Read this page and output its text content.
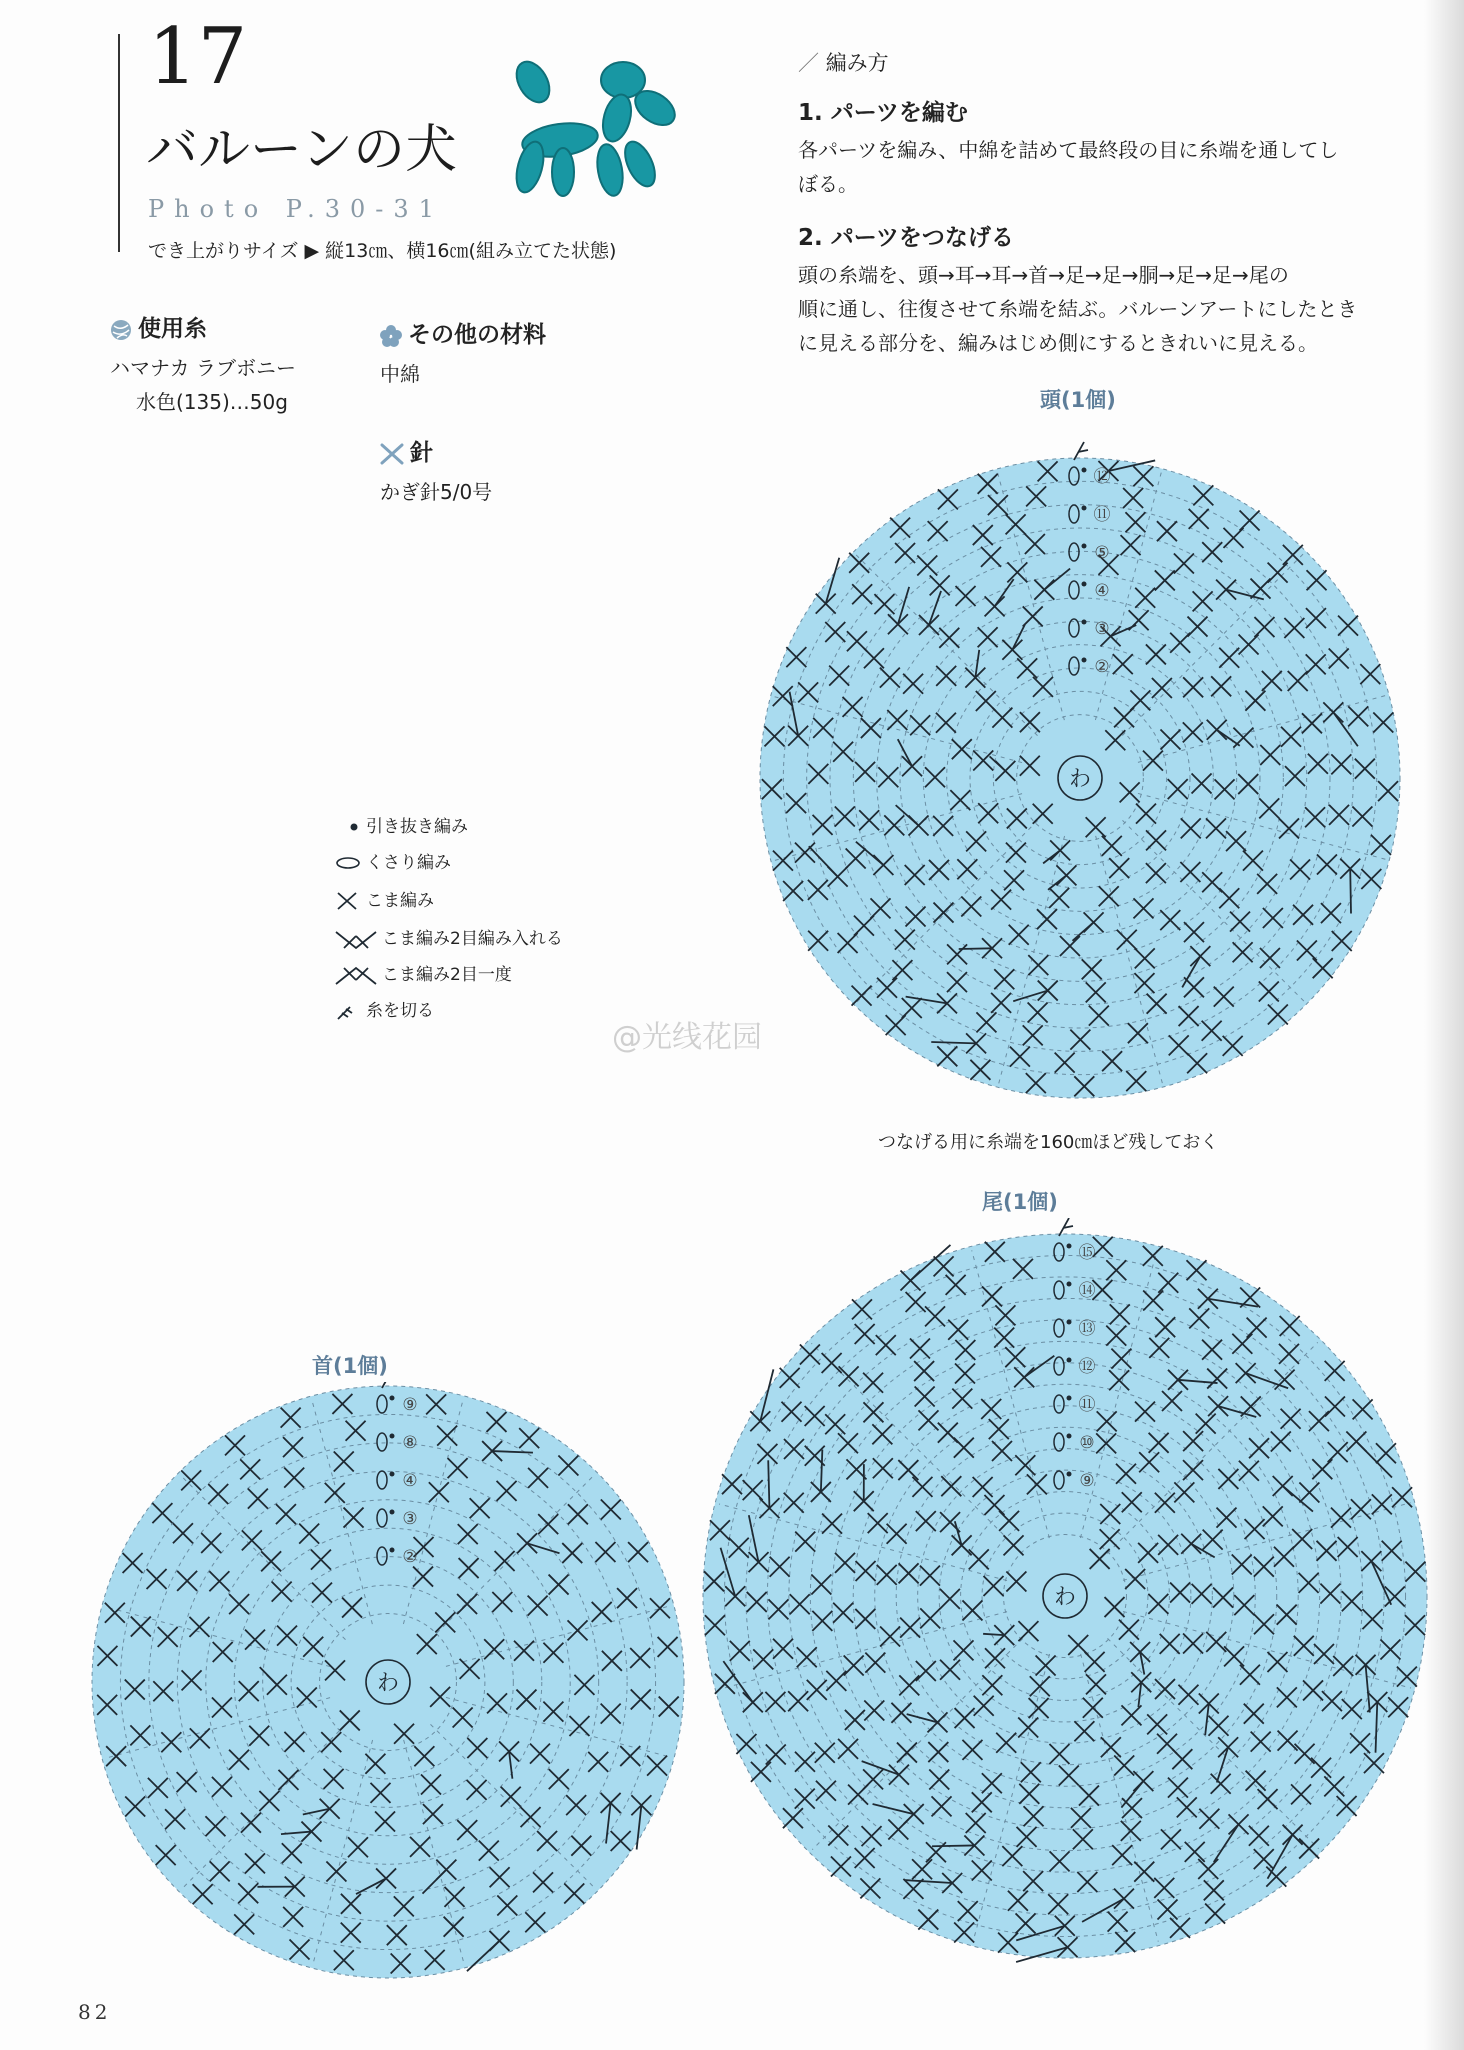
17
バルーンの犬
Photo P.30-31
でき上がりサイズ ▶ 縦13㎝、横16㎝(組み立てた状態)
使用糸
ハマナカ ラブボニー
水色(135)…50g
その他の材料
中綿
針
かぎ針5/0号
／ 編み方
1. パーツを編む
各パーツを編み、中綿を詰めて最終段の目に糸端を通してし
ぼる。
2. パーツをつなげる
頭の糸端を、頭→耳→耳→首→足→足→胴→足→足→尾の
順に通し、往復させて糸端を結ぶ。バルーンアートにしたとき
に見える部分を、編みはじめ側にするときれいに見える。
引き抜き編み
くさり編み
こま編み
こま編み2目編み入れる
こま編み2目一度
糸を切る
頭(1個)
わ
⑫
⑪
⑤
④
③
②
つなげる用に糸端を160㎝ほど残しておく
首(1個)
わ
⑨
⑧
④
③
②
尾(1個)
わ
⑮
⑭
⑬
⑫
⑪
⑩
⑨
@光线花园
82
